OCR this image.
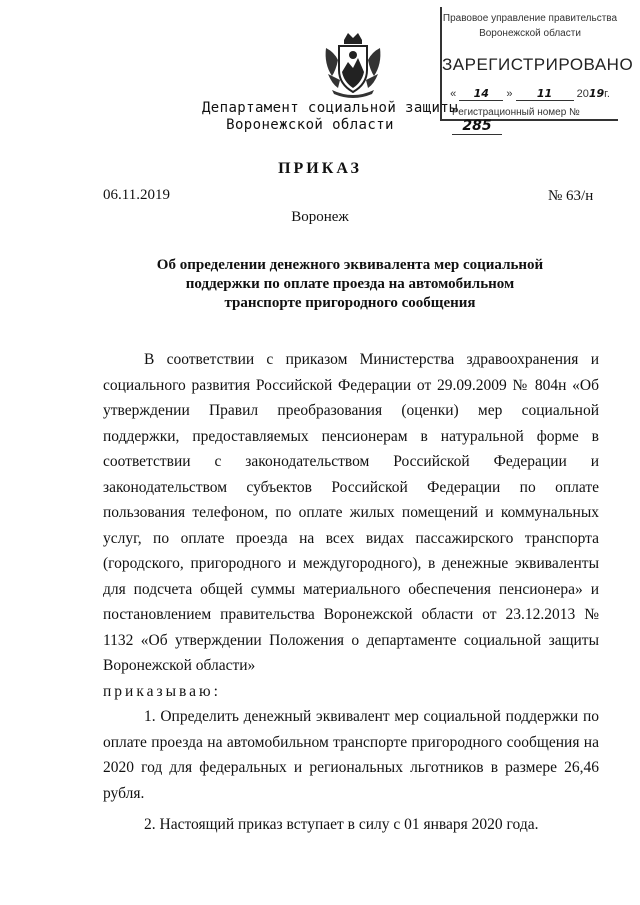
Правовое управление правительства
Воронежской области
ЗАРЕГИСТРИРОВАНО
« 14 » 11 2019г.
Регистрационный номер № 285
Департамент социальной защиты
Воронежской области
ПРИКАЗ
06.11.2019	№ 63/н
Воронеж
Об определении денежного эквивалента мер социальной
поддержки по оплате проезда на автомобильном
транспорте пригородного сообщения

В соответствии с приказом Министерства здравоохранения и социального развития Российской Федерации от 29.09.2009 № 804н «Об утверждении Правил преобразования (оценки) мер социальной поддержки, предоставляемых пенсионерам в натуральной форме в соответствии с законодательством Российской Федерации и законодательством субъектов Российской Федерации по оплате пользования телефоном, по оплате жилых помещений и коммунальных услуг, по оплате проезда на всех видах пассажирского транспорта (городского, пригородного и междугородного), в денежные эквиваленты для подсчета общей суммы материального обеспечения пенсионера» и постановлением правительства Воронежской области от 23.12.2013 № 1132 «Об утверждении Положения о департаменте социальной защиты Воронежской области»

приказываю:

1. Определить денежный эквивалент мер социальной поддержки по оплате проезда на автомобильном транспорте пригородного сообщения на 2020 год для федеральных и региональных льготников в размере 26,46 рубля.

2. Настоящий приказ вступает в силу с 01 января 2020 года.
